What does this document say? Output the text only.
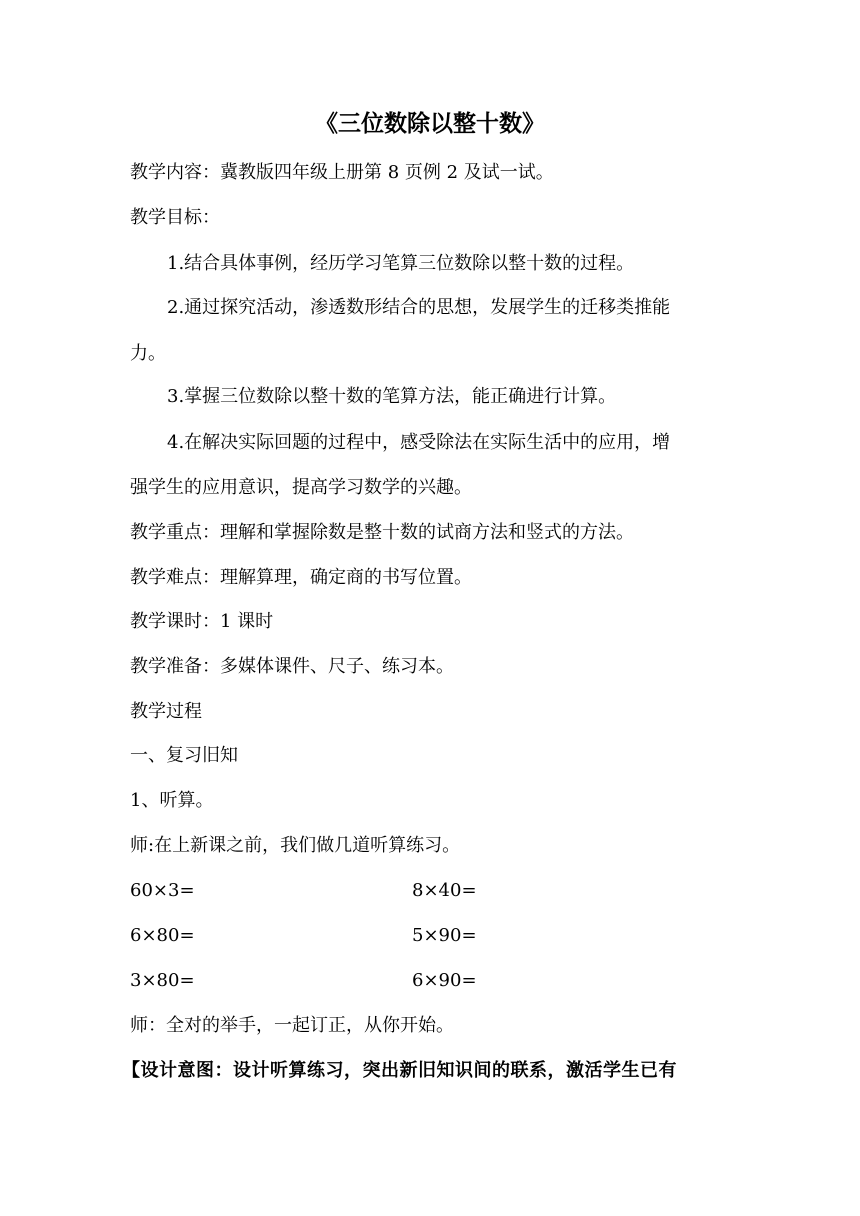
《三位数除以整十数》

教学内容：冀教版四年级上册第 8 页例 2 及试一试。

教学目标：

1.结合具体事例，经历学习笔算三位数除以整十数的过程。

2.通过探究活动，渗透数形结合的思想，发展学生的迁移类推能

力。

3.掌握三位数除以整十数的笔算方法，能正确进行计算。

4.在解决实际回题的过程中，感受除法在实际生活中的应用，增

强学生的应用意识，提高学习数学的兴趣。

教学重点：理解和掌握除数是整十数的试商方法和竖式的方法。

教学难点：理解算理，确定商的书写位置。

教学课时：1 课时

教学准备：多媒体课件、尺子、练习本。

教学过程

一、复习旧知

1、听算。

师:在上新课之前，我们做几道听算练习。

60×3=	8×40=

6×80=	5×90=

3×80=	6×90=

师：全对的举手，一起订正，从你开始。

【设计意图：设计听算练习，突出新旧知识间的联系，激活学生已有
